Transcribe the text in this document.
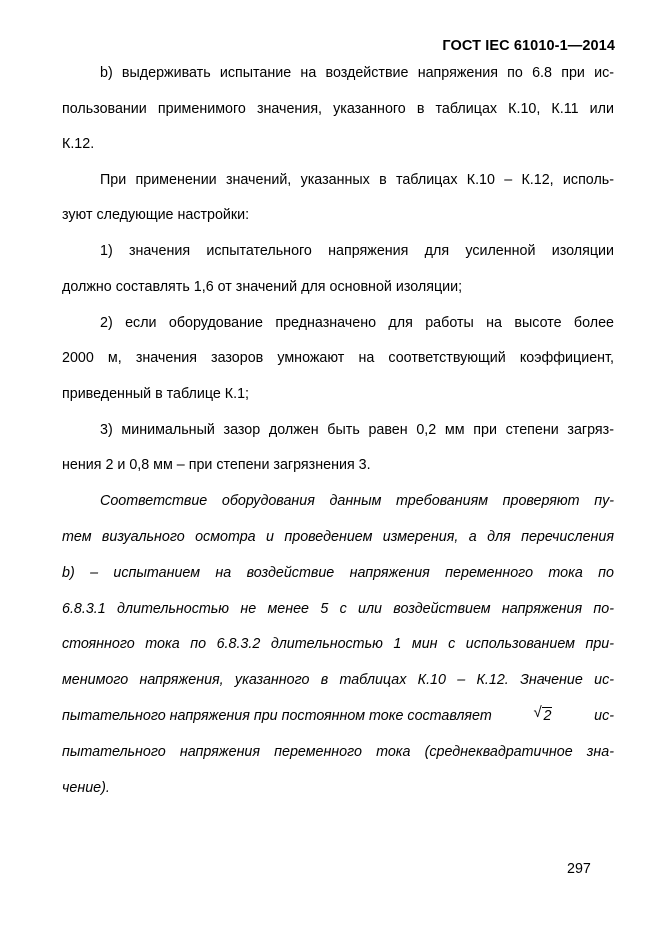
ГОСТ IEC 61010-1—2014
b) выдерживать испытание на воздействие напряжения по 6.8 при ис-
пользовании применимого значения, указанного в таблицах К.10, К.11 или
К.12.
При применении значений, указанных в таблицах К.10 – К.12, исполь-
зуют следующие настройки:
1) значения испытательного напряжения для усиленной изоляции
должно составлять 1,6 от значений для основной изоляции;
2) если оборудование предназначено для работы на высоте более
2000 м, значения зазоров умножают на соответствующий коэффициент,
приведенный в таблице К.1;
3) минимальный зазор должен быть равен 0,2 мм при степени загряз-
нения 2 и 0,8 мм – при степени загрязнения 3.
Соответствие оборудования данным требованиям проверяют пу-
тем визуального осмотра и проведением измерения, а для перечисления
b) – испытанием на воздействие напряжения переменного тока по
6.8.3.1 длительностью не менее 5 с или воздействием напряжения по-
стоянного тока по 6.8.3.2 длительностью 1 мин с использованием при-
менимого напряжения, указанного в таблицах К.10 – К.12. Значение ис-
пытательного напряжения при постоянном токе составляет	√ 2	ис-
пытательного напряжения переменного тока (среднеквадратичное зна-
чение).
297
